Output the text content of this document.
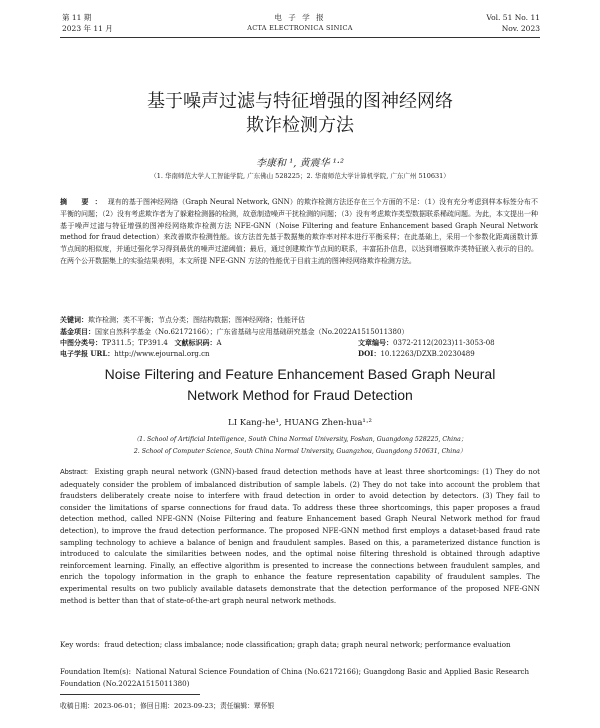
第 11 期
2023 年 11 月
电 子 学 报
ACTA ELECTRONICA SINICA
Vol. 51 No. 11
Nov. 2023
基于噪声过滤与特征增强的图神经网络
欺诈检测方法
李康和 ¹, 黄震华 ¹·²
（1. 华南师范大学人工智能学院, 广东佛山 528225；2. 华南师范大学计算机学院, 广东广州 510631）
摘 要：现有的基于图神经网络（Graph Neural Network, GNN）的欺诈检测方法还存在三个方面的不足：（1）没有充分考虑到样本标签分布不平衡的问题；（2）没有考虑欺诈者为了躲避检测器的检测，故意制造噪声干扰检测的问题；（3）没有考虑欺诈类型数据联系稀疏问题。为此，本文提出一种基于噪声过滤与特征增强的图神经网络欺诈检测方法 NFE-GNN（Noise Filtering and feature Enhancement based Graph Neural Network method for fraud detection）来改善欺诈检测性能。该方法首先基于数据集的欺诈率对样本进行平衡采样；在此基础上，采用一个参数化距离函数计算节点间的相似度，并通过强化学习得到最优的噪声过滤阈值；最后，通过创建欺诈节点间的联系，丰富拓扑信息，以达到增强欺诈类特征嵌入表示的目的。在两个公开数据集上的实验结果表明，本文所提 NFE-GNN 方法的性能优于目前主流的图神经网络欺诈检测方法。
关键词：欺诈检测；类不平衡；节点分类；图结构数据；图神经网络；性能评估
基金项目：国家自然科学基金（No.62172166）；广东省基础与应用基础研究基金（No.2022A1515011380）
中图分类号：TP311.5；TP391.4 文献标识码：A	文章编号：0372-2112(2023)11-3053-08
电子学报 URL：http://www.ejournal.org.cn	DOI：10.12263/DZXB.20230489
Noise Filtering and Feature Enhancement Based Graph Neural
Network Method for Fraud Detection
LI Kang-he¹, HUANG Zhen-hua¹·²
（1. School of Artificial Intelligence, South China Normal University, Foshan, Guangdong 528225, China；
2. School of Computer Science, South China Normal University, Guangzhou, Guangdong 510631, China）
Abstract: Existing graph neural network (GNN)-based fraud detection methods have at least three shortcomings: (1) They do not adequately consider the problem of imbalanced distribution of sample labels. (2) They do not take into account the problem that fraudsters deliberately create noise to interfere with fraud detection in order to avoid detection by detectors. (3) They fail to consider the limitations of sparse connections for fraud data. To address these three shortcomings, this paper proposes a fraud detection method, called NFE-GNN (Noise Filtering and feature Enhancement based Graph Neural Network method for fraud detection), to improve the fraud detection performance. The proposed NFE-GNN method first employs a dataset-based fraud rate sampling technology to achieve a balance of benign and fraudulent samples. Based on this, a parameterized distance function is introduced to calculate the similarities between nodes, and the optimal noise filtering threshold is obtained through adaptive reinforcement learning. Finally, an effective algorithm is presented to increase the connections between fraudulent samples, and enrich the topology information in the graph to enhance the feature representation capability of fraudulent samples. The experimental results on two publicly available datasets demonstrate that the detection performance of the proposed NFE-GNN method is better than that of state-of-the-art graph neural network methods.
Key words: fraud detection; class imbalance; node classification; graph data; graph neural network; performance evaluation
Foundation Item(s): National Natural Science Foundation of China (No.62172166); Guangdong Basic and Applied Basic Research Foundation (No.2022A1515011380)
收稿日期：2023-06-01；修回日期：2023-09-23；责任编辑：覃怀银
